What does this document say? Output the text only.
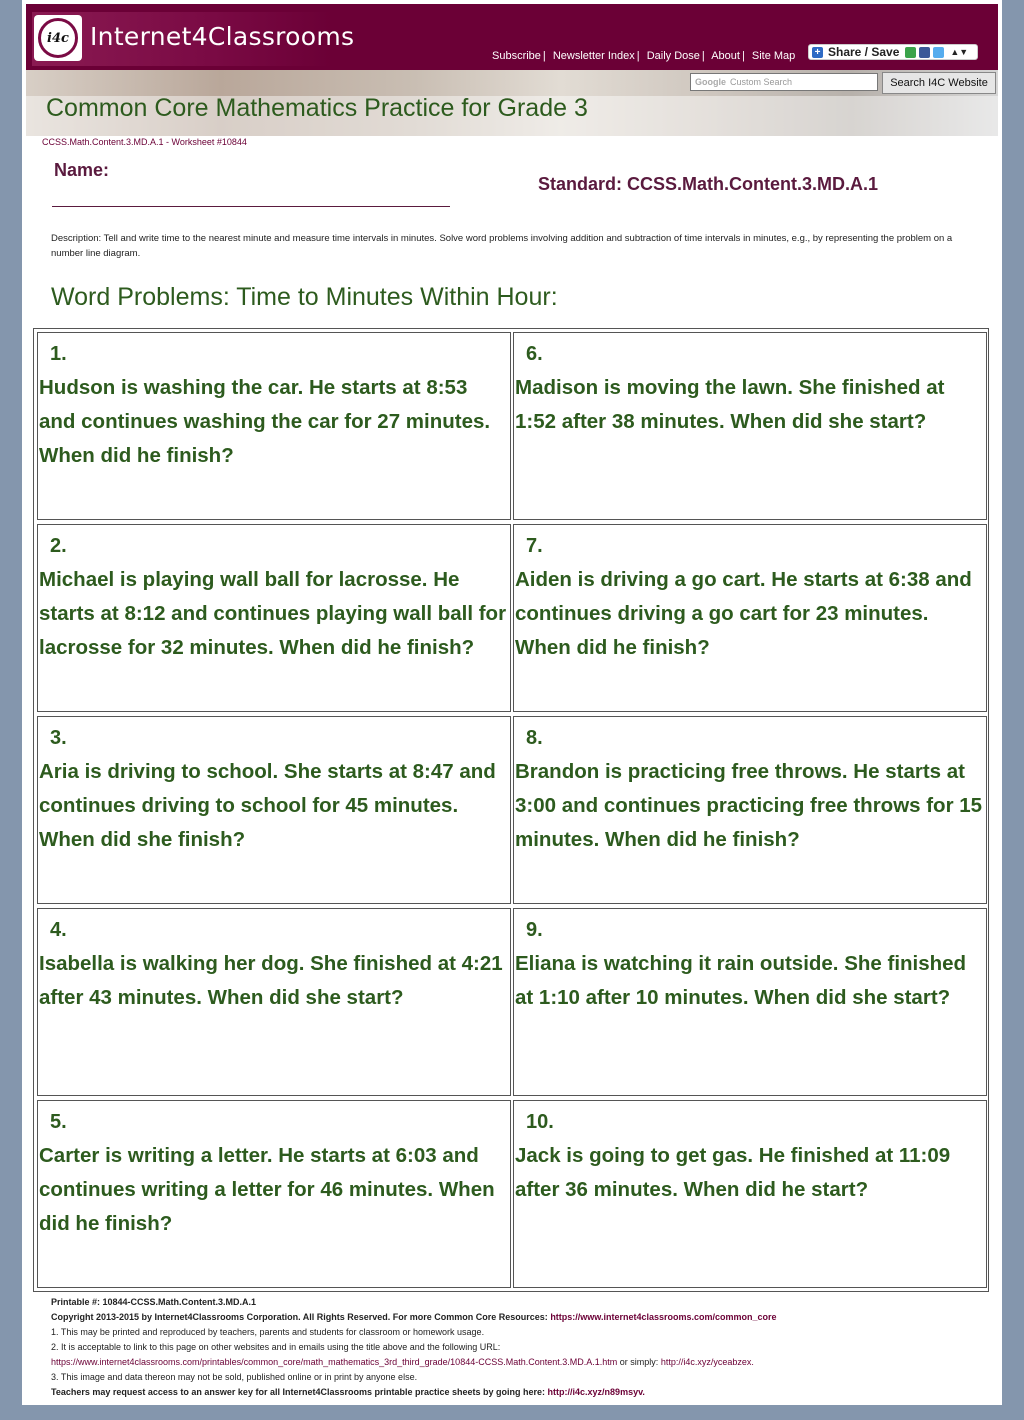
i4c Internet4Classrooms
Subscribe | Newsletter Index | Daily Dose | About | Site Map + Share / Save	▲▼
Google Custom Search	Search I4C Website
Common Core Mathematics Practice for Grade 3
CCSS.Math.Content.3.MD.A.1 - Worksheet #10844
Name:
Standard: CCSS.Math.Content.3.MD.A.1
Description: Tell and write time to the nearest minute and measure time intervals in minutes. Solve word problems involving addition and subtraction of time intervals in minutes, e.g., by representing the problem on a number line diagram.
Word Problems: Time to Minutes Within Hour:
1.
Hudson is washing the car. He starts at 8:53 and continues washing the car for 27 minutes. When did he finish?
2.
Michael is playing wall ball for lacrosse. He starts at 8:12 and continues playing wall ball for lacrosse for 32 minutes. When did he finish?
3.
Aria is driving to school. She starts at 8:47 and continues driving to school for 45 minutes. When did she finish?
4.
Isabella is walking her dog. She finished at 4:21 after 43 minutes. When did she start?
5.
Carter is writing a letter. He starts at 6:03 and continues writing a letter for 46 minutes. When did he finish?
6.
Madison is moving the lawn. She finished at 1:52 after 38 minutes. When did she start?
7.
Aiden is driving a go cart. He starts at 6:38 and continues driving a go cart for 23 minutes. When did he finish?
8.
Brandon is practicing free throws. He starts at 3:00 and continues practicing free throws for 15 minutes. When did he finish?
9.
Eliana is watching it rain outside. She finished at 1:10 after 10 minutes. When did she start?
10.
Jack is going to get gas. He finished at 11:09 after 36 minutes. When did he start?
Printable #: 10844-CCSS.Math.Content.3.MD.A.1
Copyright 2013-2015 by Internet4Classrooms Corporation. All Rights Reserved. For more Common Core Resources: https://www.internet4classrooms.com/common_core
1. This may be printed and reproduced by teachers, parents and students for classroom or homework usage.
2. It is acceptable to link to this page on other websites and in emails using the title above and the following URL:
https://www.internet4classrooms.com/printables/common_core/math_mathematics_3rd_third_grade/10844-CCSS.Math.Content.3.MD.A.1.htm or simply: http://i4c.xyz/yceabzex.
3. This image and data thereon may not be sold, published online or in print by anyone else.
Teachers may request access to an answer key for all Internet4Classrooms printable practice sheets by going here: http://i4c.xyz/n89msyv.
